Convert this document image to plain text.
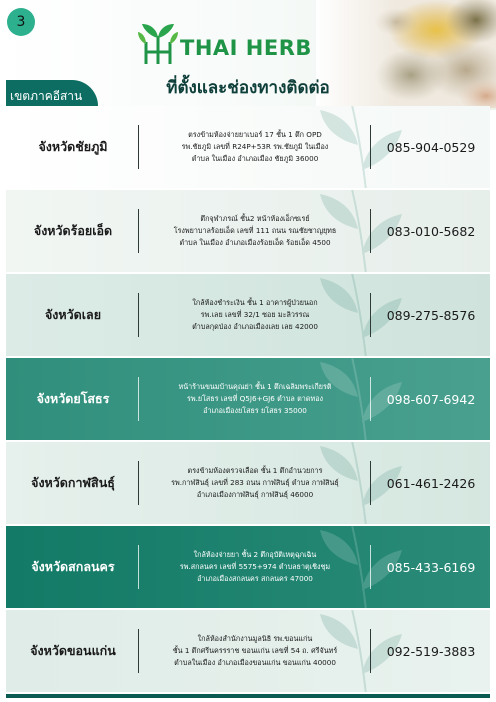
3
THAI HERB
ที่ตั้งและช่องทางติดต่อ
เขตภาคอีสาน
จังหวัดชัยภูมิ
ตรงข้ามห้องจ่ายยาเบอร์ 17 ชั้น 1 ตึก OPD
รพ.ชัยภูมิ เลขที่ R24P+53R รพ.ชัยภูมิ ในเมือง
ตำบล ในเมือง อำเภอเมือง ชัยภูมิ 36000
085-904-0529
จังหวัดร้อยเอ็ด
ตึกจุฬาภรณ์ ชั้น2 หน้าห้องเอ็กซเรย์
โรงพยาบาลร้อยเอ็ด เลขที่ 111 ถนน รณชัยชาญยุทธ
ตำบล ในเมือง อำเภอเมืองร้อยเอ็ด ร้อยเอ็ด 4500
083-010-5682
จังหวัดเลย
ใกล้ห้องชำระเงิน ชั้น 1 อาคารผู้ป่วยนอก
รพ.เลย เลขที่ 32/1 ซอย มะลิวรรณ
ตำบลกุดป่อง อำเภอเมืองเลย เลย 42000
089-275-8576
จังหวัดยโสธร
หน้าร้านขนมบ้านคุณย่า ชั้น 1 ตึกเฉลิมพระเกียรติ
รพ.ยโสธร เลขที่ Q5J6+GJ6 ตำบล ตาดทอง
อำเภอเมืองยโสธร ยโสธร 35000
098-607-6942
จังหวัดกาฬสินธุ์
ตรงข้ามห้องตรวจเลือด ชั้น 1 ตึกอำนวยการ
รพ.กาฬสินธุ์ เลขที่ 283 ถนน กาฬสินธุ์ ตำบล กาฬสินธุ์
อำเภอเมืองกาฬสินธุ์ กาฬสินธุ์ 46000
061-461-2426
จังหวัดสกลนคร
ใกล้ห้องจ่ายยา ชั้น 2 ตึกอุบัติเหตุฉุกเฉิน
รพ.สกลนคร เลขที่ 5575+974 ตำบลธาตุเชิงชุม
อำเภอเมืองสกลนคร สกลนคร 47000
085-433-6169
จังหวัดขอนแก่น
ใกล้ห้องสำนักงานมูลนิธิ รพ.ขอนแก่น
ชั้น 1 ตึกศรีนครรราช ขอนแก่น เลขที่ 54 ถ. ศรีจันทร์
ตำบลในเมือง อำเภอเมืองขอนแก่น ขอนแก่น 40000
092-519-3883
